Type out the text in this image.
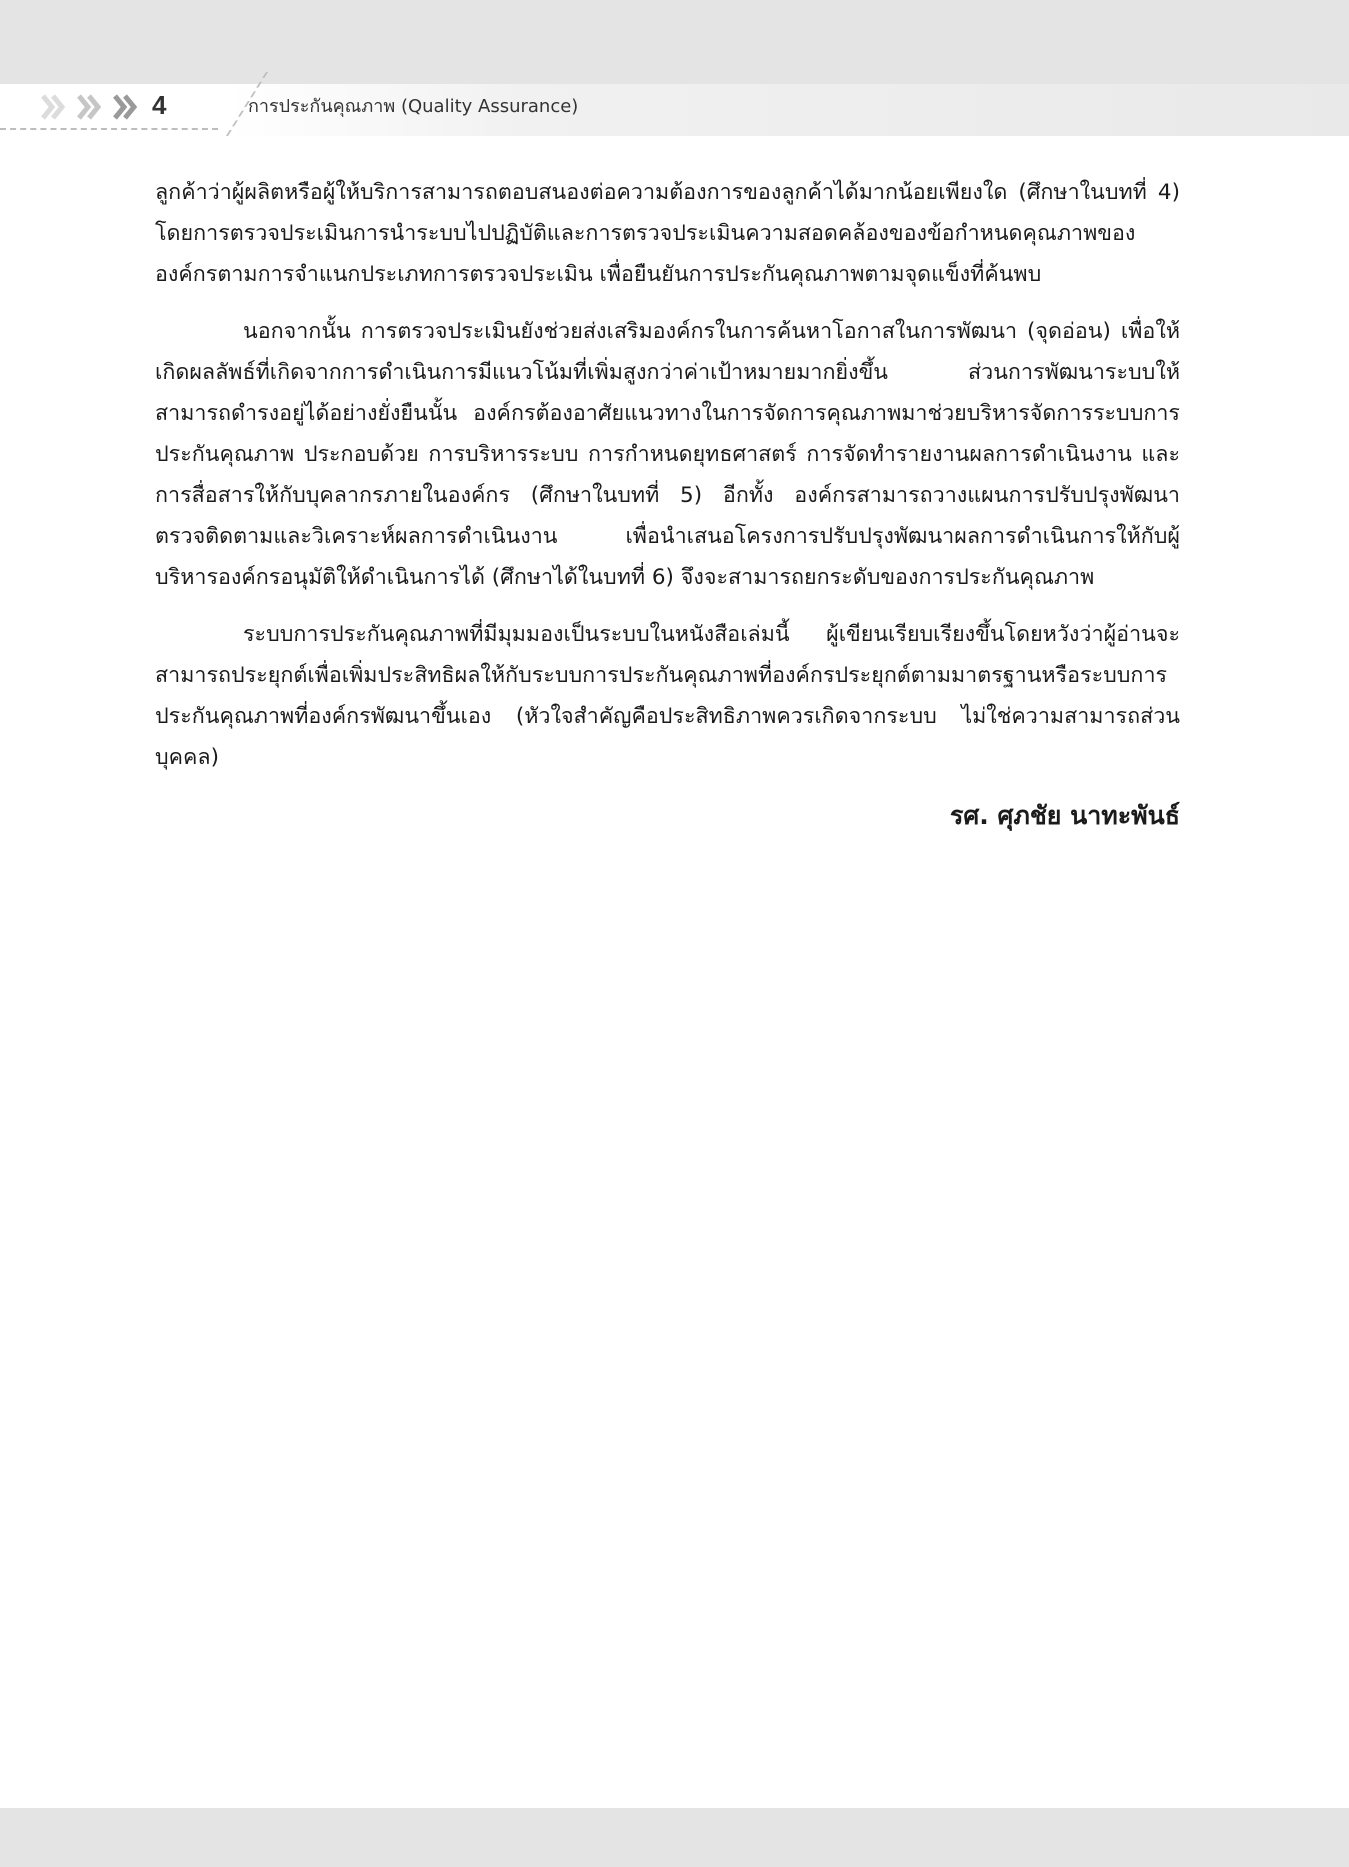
4	การประกันคุณภาพ (Quality Assurance)

ลูกค้าว่าผู้ผลิตหรือผู้ให้บริการสามารถตอบสนองต่อความต้องการของลูกค้าได้มากน้อยเพียงใด (ศึกษาในบทที่ 4) โดยการตรวจประเมินการนำระบบไปปฏิบัติและการตรวจประเมินความสอดคล้องของข้อกำหนดคุณภาพขององค์กรตามการจำแนกประเภทการตรวจประเมิน เพื่อยืนยันการประกันคุณภาพตามจุดแข็งที่ค้นพบ

นอกจากนั้น การตรวจประเมินยังช่วยส่งเสริมองค์กรในการค้นหาโอกาสในการพัฒนา (จุดอ่อน) เพื่อให้เกิดผลลัพธ์ที่เกิดจากการดำเนินการมีแนวโน้มที่เพิ่มสูงกว่าค่าเป้าหมายมากยิ่งขึ้น ส่วนการพัฒนาระบบให้สามารถดำรงอยู่ได้อย่างยั่งยืนนั้น องค์กรต้องอาศัยแนวทางในการจัดการคุณภาพมาช่วยบริหารจัดการระบบการประกันคุณภาพ ประกอบด้วย การบริหารระบบ การกำหนดยุทธศาสตร์ การจัดทำรายงานผลการดำเนินงาน และการสื่อสารให้กับบุคลากรภายในองค์กร (ศึกษาในบทที่ 5) อีกทั้ง องค์กรสามารถวางแผนการปรับปรุงพัฒนา ตรวจติดตามและวิเคราะห์ผลการดำเนินงาน เพื่อนำเสนอโครงการปรับปรุงพัฒนาผลการดำเนินการให้กับผู้บริหารองค์กรอนุมัติให้ดำเนินการได้ (ศึกษาได้ในบทที่ 6) จึงจะสามารถยกระดับของการประกันคุณภาพ

ระบบการประกันคุณภาพที่มีมุมมองเป็นระบบในหนังสือเล่มนี้ ผู้เขียนเรียบเรียงขึ้นโดยหวังว่าผู้อ่านจะสามารถประยุกต์เพื่อเพิ่มประสิทธิผลให้กับระบบการประกันคุณภาพที่องค์กรประยุกต์ตามมาตรฐานหรือระบบการประกันคุณภาพที่องค์กรพัฒนาขึ้นเอง (หัวใจสำคัญคือประสิทธิภาพควรเกิดจากระบบ ไม่ใช่ความสามารถส่วนบุคคล)

รศ. ศุภชัย นาทะพันธ์
